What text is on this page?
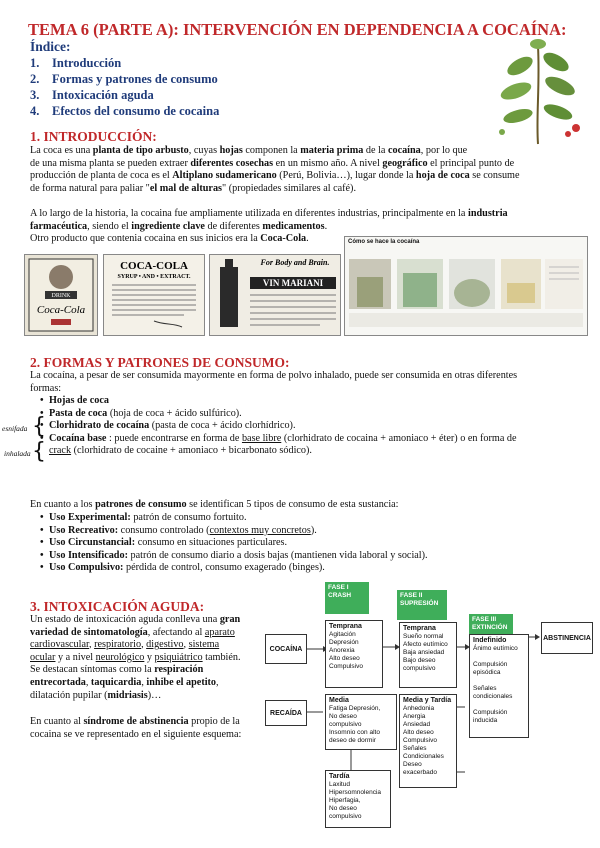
TEMA 6 (PARTE A): INTERVENCIÓN EN DEPENDENCIA A COCAÍNA:
Índice:
1. Introducción
2. Formas y patrones de consumo
3. Intoxicación aguda
4. Efectos del consumo de cocaina
1. INTRODUCCIÓN:

La coca es una planta de tipo arbusto, cuyas hojas componen la materia prima de la cocaína, por lo que

de una misma planta se pueden extraer diferentes cosechas en un mismo año. A nivel geográfico el principal punto de

producción de planta de coca es el Altiplano sudamericano (Perú, Bolivia…), lugar donde la hoja de coca se consume

de forma natural para paliar "el mal de alturas" (propiedades similares al café).

A lo largo de la historia, la cocaina fue ampliamente utilizada en diferentes industrias, principalmente en la industria

farmacéutica, siendo el ingrediente clave de diferentes medicamentos.

Otro producto que contenia cocaina en sus inicios era la Coca-Cola.

DRINK
Coca-Cola
COCA-COLA
SYRUP • AND • EXTRACT.
For Body and Brain.
VIN MARIANI
Cómo se hace la cocaína
2. FORMAS Y PATRONES DE CONSUMO:

La cocaína, a pesar de ser consumida mayormente en forma de polvo inhalado, puede ser consumida en otras diferentes

formas:

• Hojas de coca
• Pasta de coca (hoja de coca + ácido sulfúrico).
• Clorhidrato de cocaína (pasta de coca + ácido clorhídrico).
• Cocaína base : puede encontrarse en forma de base libre (clorhidrato de cocaina + amoniaco + éter) o en forma de
crack (clorhidrato de cocaine + amoniaco + bicarbonato sódico).
esnifada {
inhalada {

En cuanto a los patrones de consumo se identifican 5 tipos de consumo de esta sustancia:

• Uso Experimental: patrón de consumo fortuito.
• Uso Recreativo: consumo controlado (contextos muy concretos).
• Uso Circunstancial: consumo en situaciones particulares.
• Uso Intensificado: patrón de consumo diario a dosis bajas (mantienen vida laboral y social).
• Uso Compulsivo: pérdida de control, consumo exagerado (binges).
3. INTOXICACIÓN AGUDA:

Un estado de intoxicación aguda conlleva una gran

variedad de sintomatología, afectando al aparato

cardiovascular, respiratorio, digestivo, sistema

ocular y a nivel neurológico y psiquiátrico también.

Se destacan síntomas como la respiración

entrecortada, taquicardia, inhibe el apetito,

dilatación pupilar (midriasis)…

En cuanto al síndrome de abstinencia propio de la

cocaina se ve representado en el siguiente esquema:

COCAÍNA
RECAÍDA
ABSTINENCIA
FASE I
CRASH	FASE II
SUPRESIÓN
FASE III
EXTINCIÓN
Temprana
Agitación
Depresión
Anorexia
Alto deseo
Compulsivo
Media
Fatiga Depresión,
No deseo
compulsivo
Insomnio con alto
deseo de dormir
Tardía
Laxitud
Hipersomnolencia
Hiperfagia,
No deseo
compulsivo
Temprana
Sueño normal
Afecto eutímico
Baja ansiedad
Bajo deseo
compulsivo
Media y Tardía
Anhedonia
Anergia
Ansiedad
Alto deseo
Compulsivo
Señales
Condicionales
Deseo
exacerbado
Indefinido
Ánimo eutímico

Compulsión
episódica

Señales
condicionales

Compulsión
inducida
